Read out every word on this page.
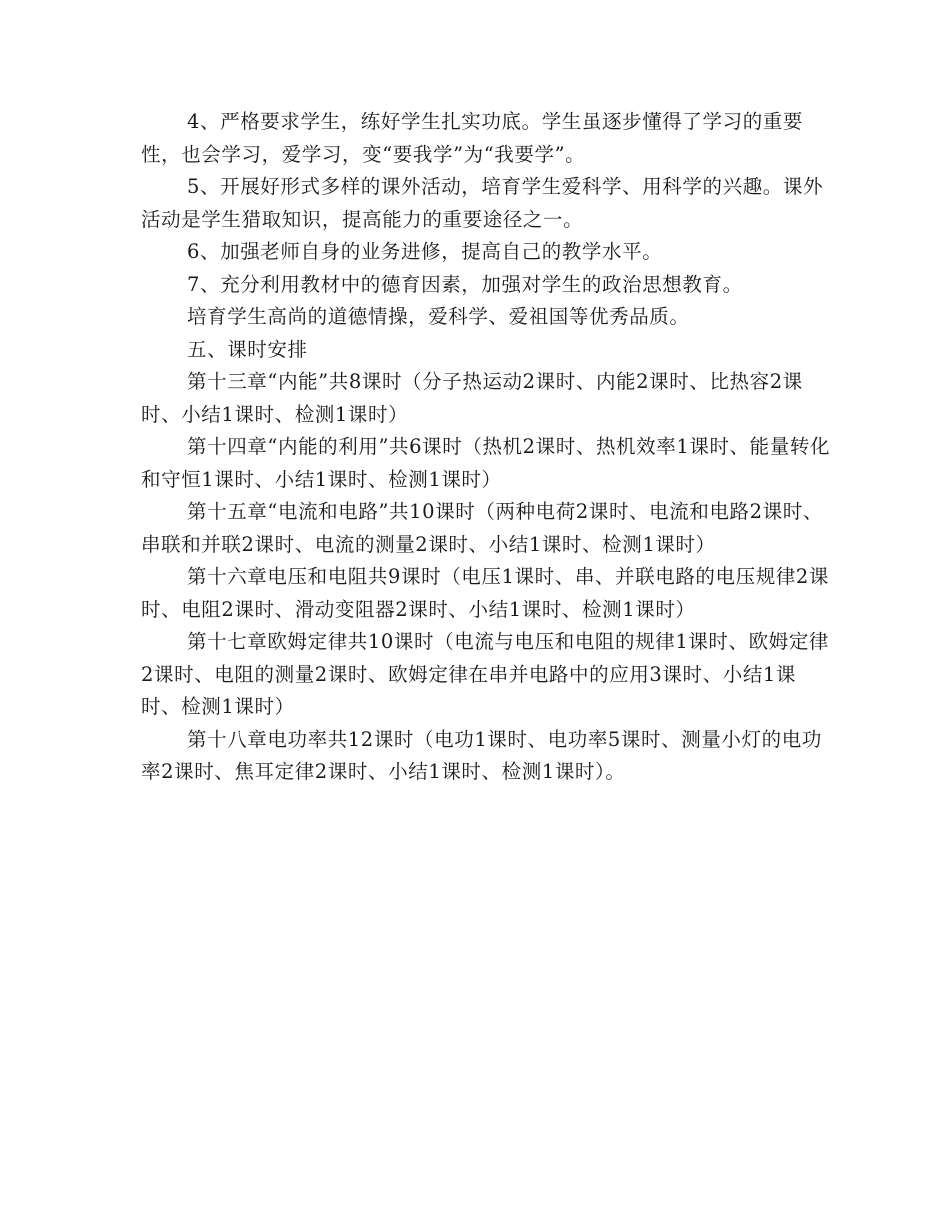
4、严格要求学生，练好学生扎实功底。学生虽逐步懂得了学习的重要性，也会学习，爱学习，变“要我学”为“我要学”。

5、开展好形式多样的课外活动，培育学生爱科学、用科学的兴趣。课外活动是学生猎取知识，提高能力的重要途径之一。

6、加强老师自身的业务进修，提高自己的教学水平。

7、充分利用教材中的德育因素，加强对学生的政治思想教育。

培育学生高尚的道德情操，爱科学、爱祖国等优秀品质。

五、课时安排

第十三章“内能”共8课时（分子热运动2课时、内能2课时、比热容2课时、小结1课时、检测1课时）

第十四章“内能的利用”共6课时（热机2课时、热机效率1课时、能量转化和守恒1课时、小结1课时、检测1课时）

第十五章“电流和电路”共10课时（两种电荷2课时、电流和电路2课时、串联和并联2课时、电流的测量2课时、小结1课时、检测1课时）

第十六章电压和电阻共9课时（电压1课时、串、并联电路的电压规律2课时、电阻2课时、滑动变阻器2课时、小结1课时、检测1课时）

第十七章欧姆定律共10课时（电流与电压和电阻的规律1课时、欧姆定律2课时、电阻的测量2课时、欧姆定律在串并电路中的应用3课时、小结1课时、检测1课时）

第十八章电功率共12课时（电功1课时、电功率5课时、测量小灯的电功率2课时、焦耳定律2课时、小结1课时、检测1课时）。
